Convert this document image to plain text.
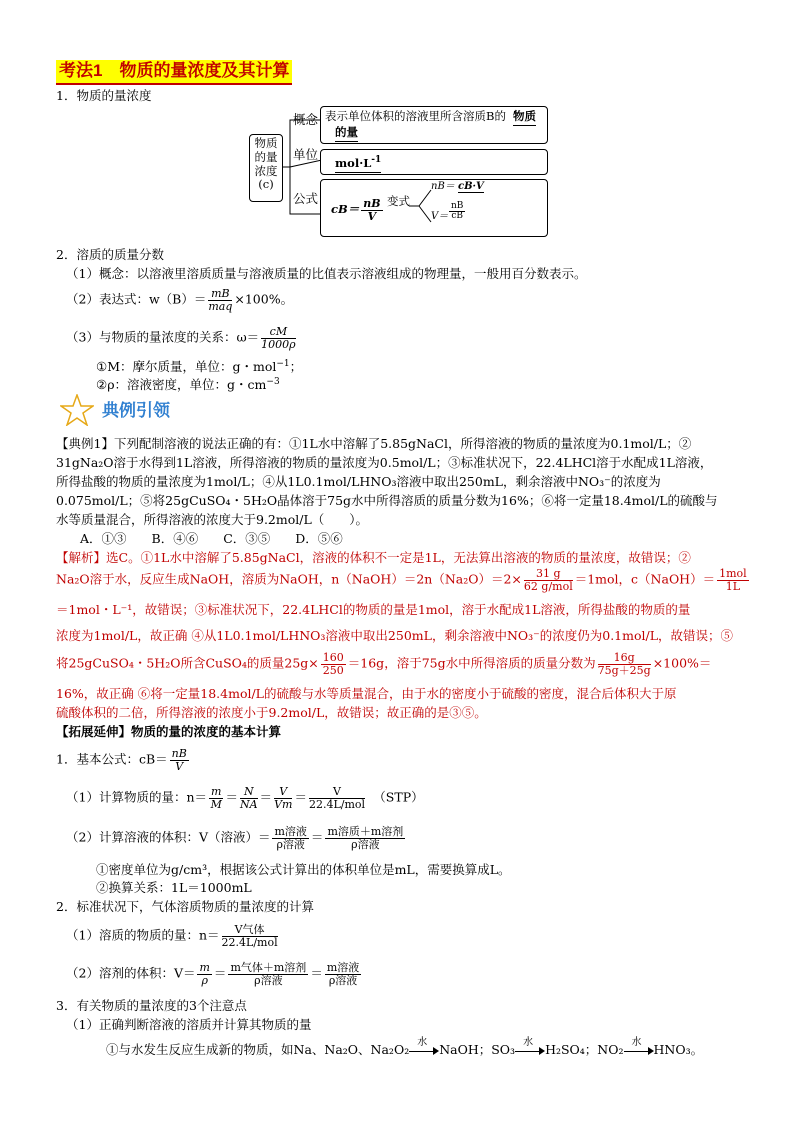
考法1　物质的量浓度及其计算
1．物质的量浓度
物质
的量
浓度
(c)
概念
单位
公式
表示单位体积的溶液里所含溶质B的 物质
的量
$mol\cdot L^{-1}$
$cB= \frac{nB}{V}$ 变式
nB＝ cB·V
$V= \frac{nB}{cB}$
2．溶质的质量分数
（1）概念：以溶液里溶质质量与溶液质量的比值表示溶液组成的物理量，一般用百分数表示。
（2）表达式：$w(B)= \frac{mB}{\text{maq}} \times 100\%$。
（3）与物质的量浓度的关系：$\omega= \frac{cM}{1000\rho}$
①M：摩尔质量，单位：g・mol$^{-1}$；
②ρ：溶液密度，单位：g・$cm^{-3}$
典例引领
【典例1】下列配制溶液的说法正确的有：①1L水中溶解了5.85gNaCl，所得溶液的物质的量浓度为0.1mol/L；②
31gNa₂O溶于水得到1L溶液，所得溶液的物质的量浓度为0.5mol/L；③标准状况下，22.4LHCl溶于水配成1L溶液，
所得盐酸的物质的量浓度为1mol/L；④从1L0.1mol/LHNO₃溶液中取出250mL，剩余溶液中NO₃⁻的浓度为
0.075mol/L；⑤将25gCuSO₄・5H₂O晶体溶于75g水中所得溶质的质量分数为16%；⑥将一定量18.4mol/L的硫酸与
水等质量混合，所得溶液的浓度大于9.2mol/L（　　）。
A．①③　　B．④⑥　　C．③⑤　　D．⑤⑥
【解析】选C。①1L水中溶解了5.85gNaCl，溶液的体积不一定是1L，无法算出溶液的物质的量浓度，故错误；②
Na₂O溶于水，反应生成NaOH，溶质为NaOH，n（NaOH）＝2n（Na₂O）＝2× $\frac{31 g}{\text{62 g/mol}} =1mol$，c（NaOH）＝ $\frac{\text{1mol}}{1L}$
＝1mol・L⁻¹，故错误；③标准状况下，22.4LHCl的物质的量是1mol，溶于水配成1L溶液，所得盐酸的物质的量
浓度为1mol/L，故正确 ④从1L0.1mol/LHNO₃溶液中取出250mL，剩余溶液中NO₃⁻的浓度仍为0.1mol/L，故错误；⑤
将25gCuSO₄・5H₂O所含CuSO₄的质量$25g\times \frac{160}{250} =16g$，溶于75g水中所得溶质的质量分数为 $\frac{16g}{75g+25g} \times 100\%=$
16%，故正确 ⑥将一定量18.4mol/L的硫酸与水等质量混合，由于水的密度小于硫酸的密度，混合后体积大于原
硫酸体积的二倍，所得溶液的浓度小于9.2mol/L，故错误；故正确的是③⑤。
【拓展延伸】物质的量的浓度的基本计算
1．基本公式：$cB= \frac{nB}{V}$
（1）计算物质的量：$n= \frac{m}{M} = \frac{N}{NA} = \frac{V}{Vm} = \frac{V}{\text{22.4L/mol}}$
　 （STP）
（2）计算溶液的体积：V（溶液）＝ $\frac{\text{m溶液}}{\text{ρ溶液}} = \frac{\text{m溶质＋m溶剂}}{\text{ρ溶液}}$
①密度单位为g/cm³，根据该公式计算出的体积单位是mL，需要换算成L。
②换算关系：1L＝1000mL
2．标准状况下，气体溶质物质的量浓度的计算
（1）溶质的物质的量：$n= \frac{\text{V气体}}{\text{22.4L/mol}}$
（2）溶剂的体积：$V= \frac{m}{\rho} = \frac{\text{m气体＋m溶剂}}{\text{ρ溶液}} = \frac{\text{m溶液}}{\text{ρ溶液}}$
3．有关物质的量浓度的3个注意点
（1）正确判断溶液的溶质并计算其物质的量
①与水发生反应生成新的物质，如Na、Na₂O、Na₂O₂ 水 NaOH；SO₃ 水 H₂SO₄；NO₂ 水 HNO₃。
